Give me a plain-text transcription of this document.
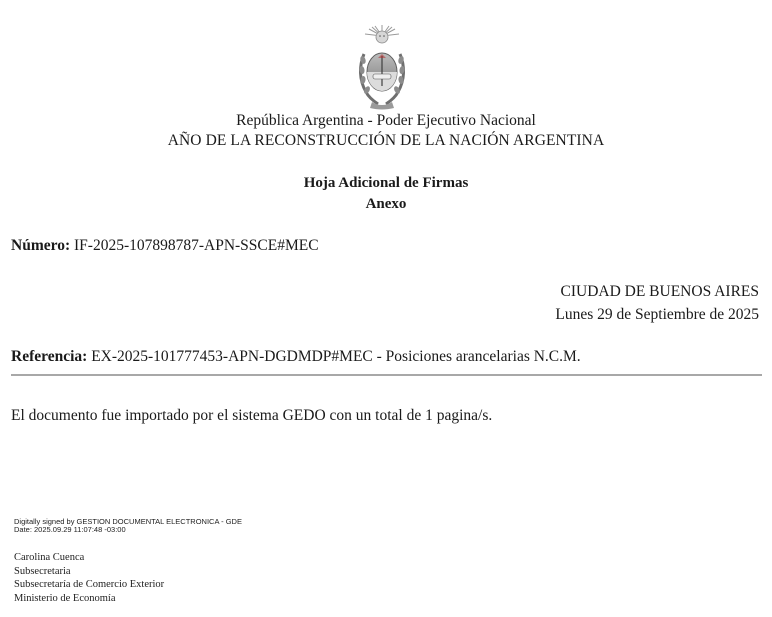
República Argentina - Poder Ejecutivo Nacional
AÑO DE LA RECONSTRUCCIÓN DE LA NACIÓN ARGENTINA
Hoja Adicional de Firmas
Anexo
Número: IF-2025-107898787-APN-SSCE#MEC
CIUDAD DE BUENOS AIRES
Lunes 29 de Septiembre de 2025
Referencia: EX-2025-101777453-APN-DGDMDP#MEC - Posiciones arancelarias N.C.M.
El documento fue importado por el sistema GEDO con un total de 1 pagina/s.
Digitally signed by GESTION DOCUMENTAL ELECTRONICA - GDE
Date: 2025.09.29 11:07:48 -03:00
Carolina Cuenca
Subsecretaria
Subsecretaría de Comercio Exterior
Ministerio de Economía
